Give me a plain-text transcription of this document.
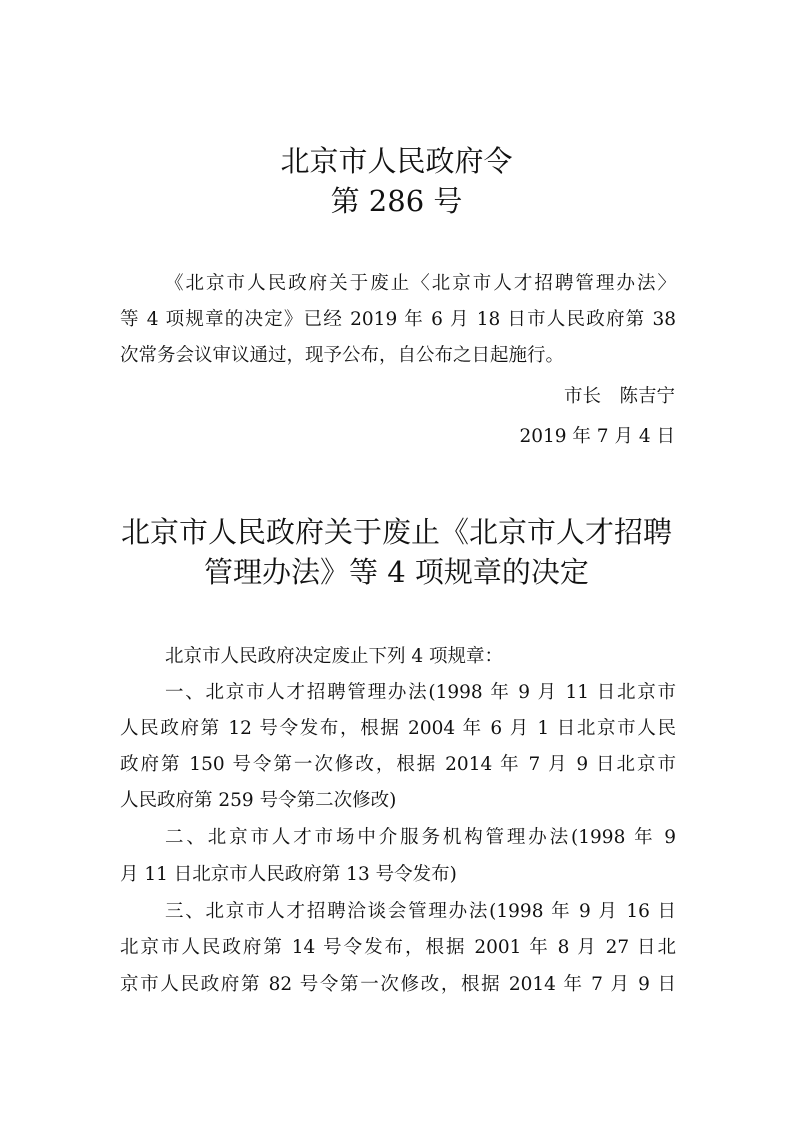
北京市人民政府令
第 286 号
《北京市人民政府关于废止〈北京市人才招聘管理办法〉
等 4 项规章的决定》已经 2019 年 6 月 18 日市人民政府第 38
次常务会议审议通过，现予公布，自公布之日起施行。
市长　陈吉宁
2019 年 7 月 4 日
北京市人民政府关于废止《北京市人才招聘
管理办法》等 4 项规章的决定
北京市人民政府决定废止下列 4 项规章：
一、北京市人才招聘管理办法(1998 年 9 月 11 日北京市
人民政府第 12 号令发布，根据 2004 年 6 月 1 日北京市人民
政府第 150 号令第一次修改，根据 2014 年 7 月 9 日北京市
人民政府第 259 号令第二次修改)
二、北京市人才市场中介服务机构管理办法(1998 年 9
月 11 日北京市人民政府第 13 号令发布)
三、北京市人才招聘洽谈会管理办法(1998 年 9 月 16 日
北京市人民政府第 14 号令发布，根据 2001 年 8 月 27 日北
京市人民政府第 82 号令第一次修改，根据 2014 年 7 月 9 日
